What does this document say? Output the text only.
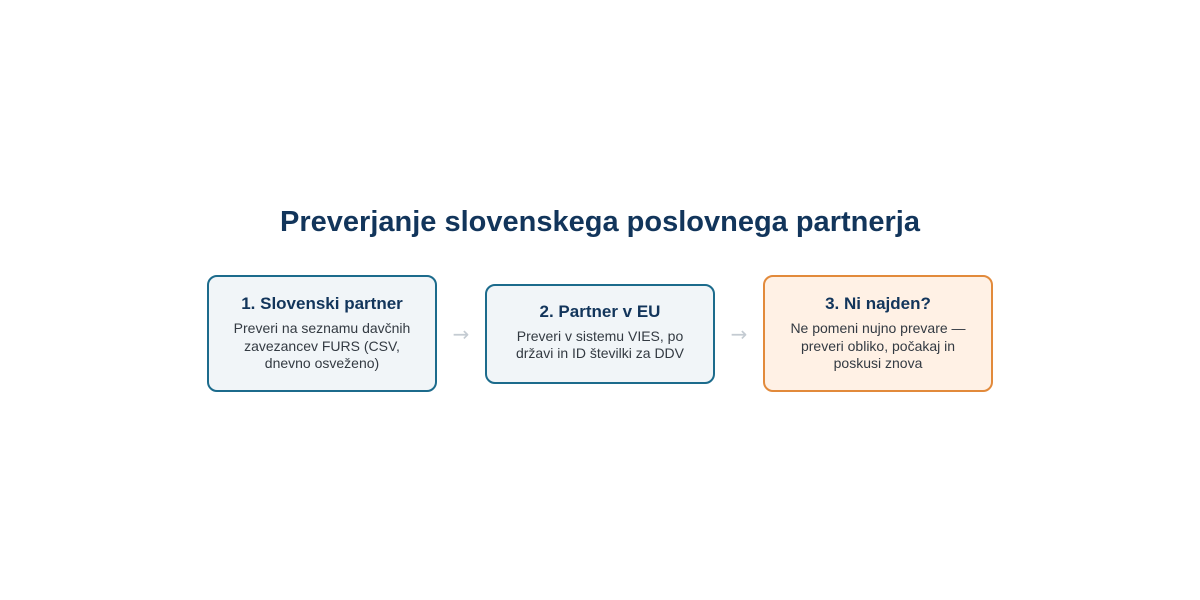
Preverjanje slovenskega poslovnega partnerja
1. Slovenski partner
Preveri na seznamu davčnih zavezancev FURS (CSV, dnevno osveženo)
→
2. Partner v EU
Preveri v sistemu VIES, po državi in ID številki za DDV
→
3. Ni najden?
Ne pomeni nujno prevare — preveri obliko, počakaj in poskusi znova
